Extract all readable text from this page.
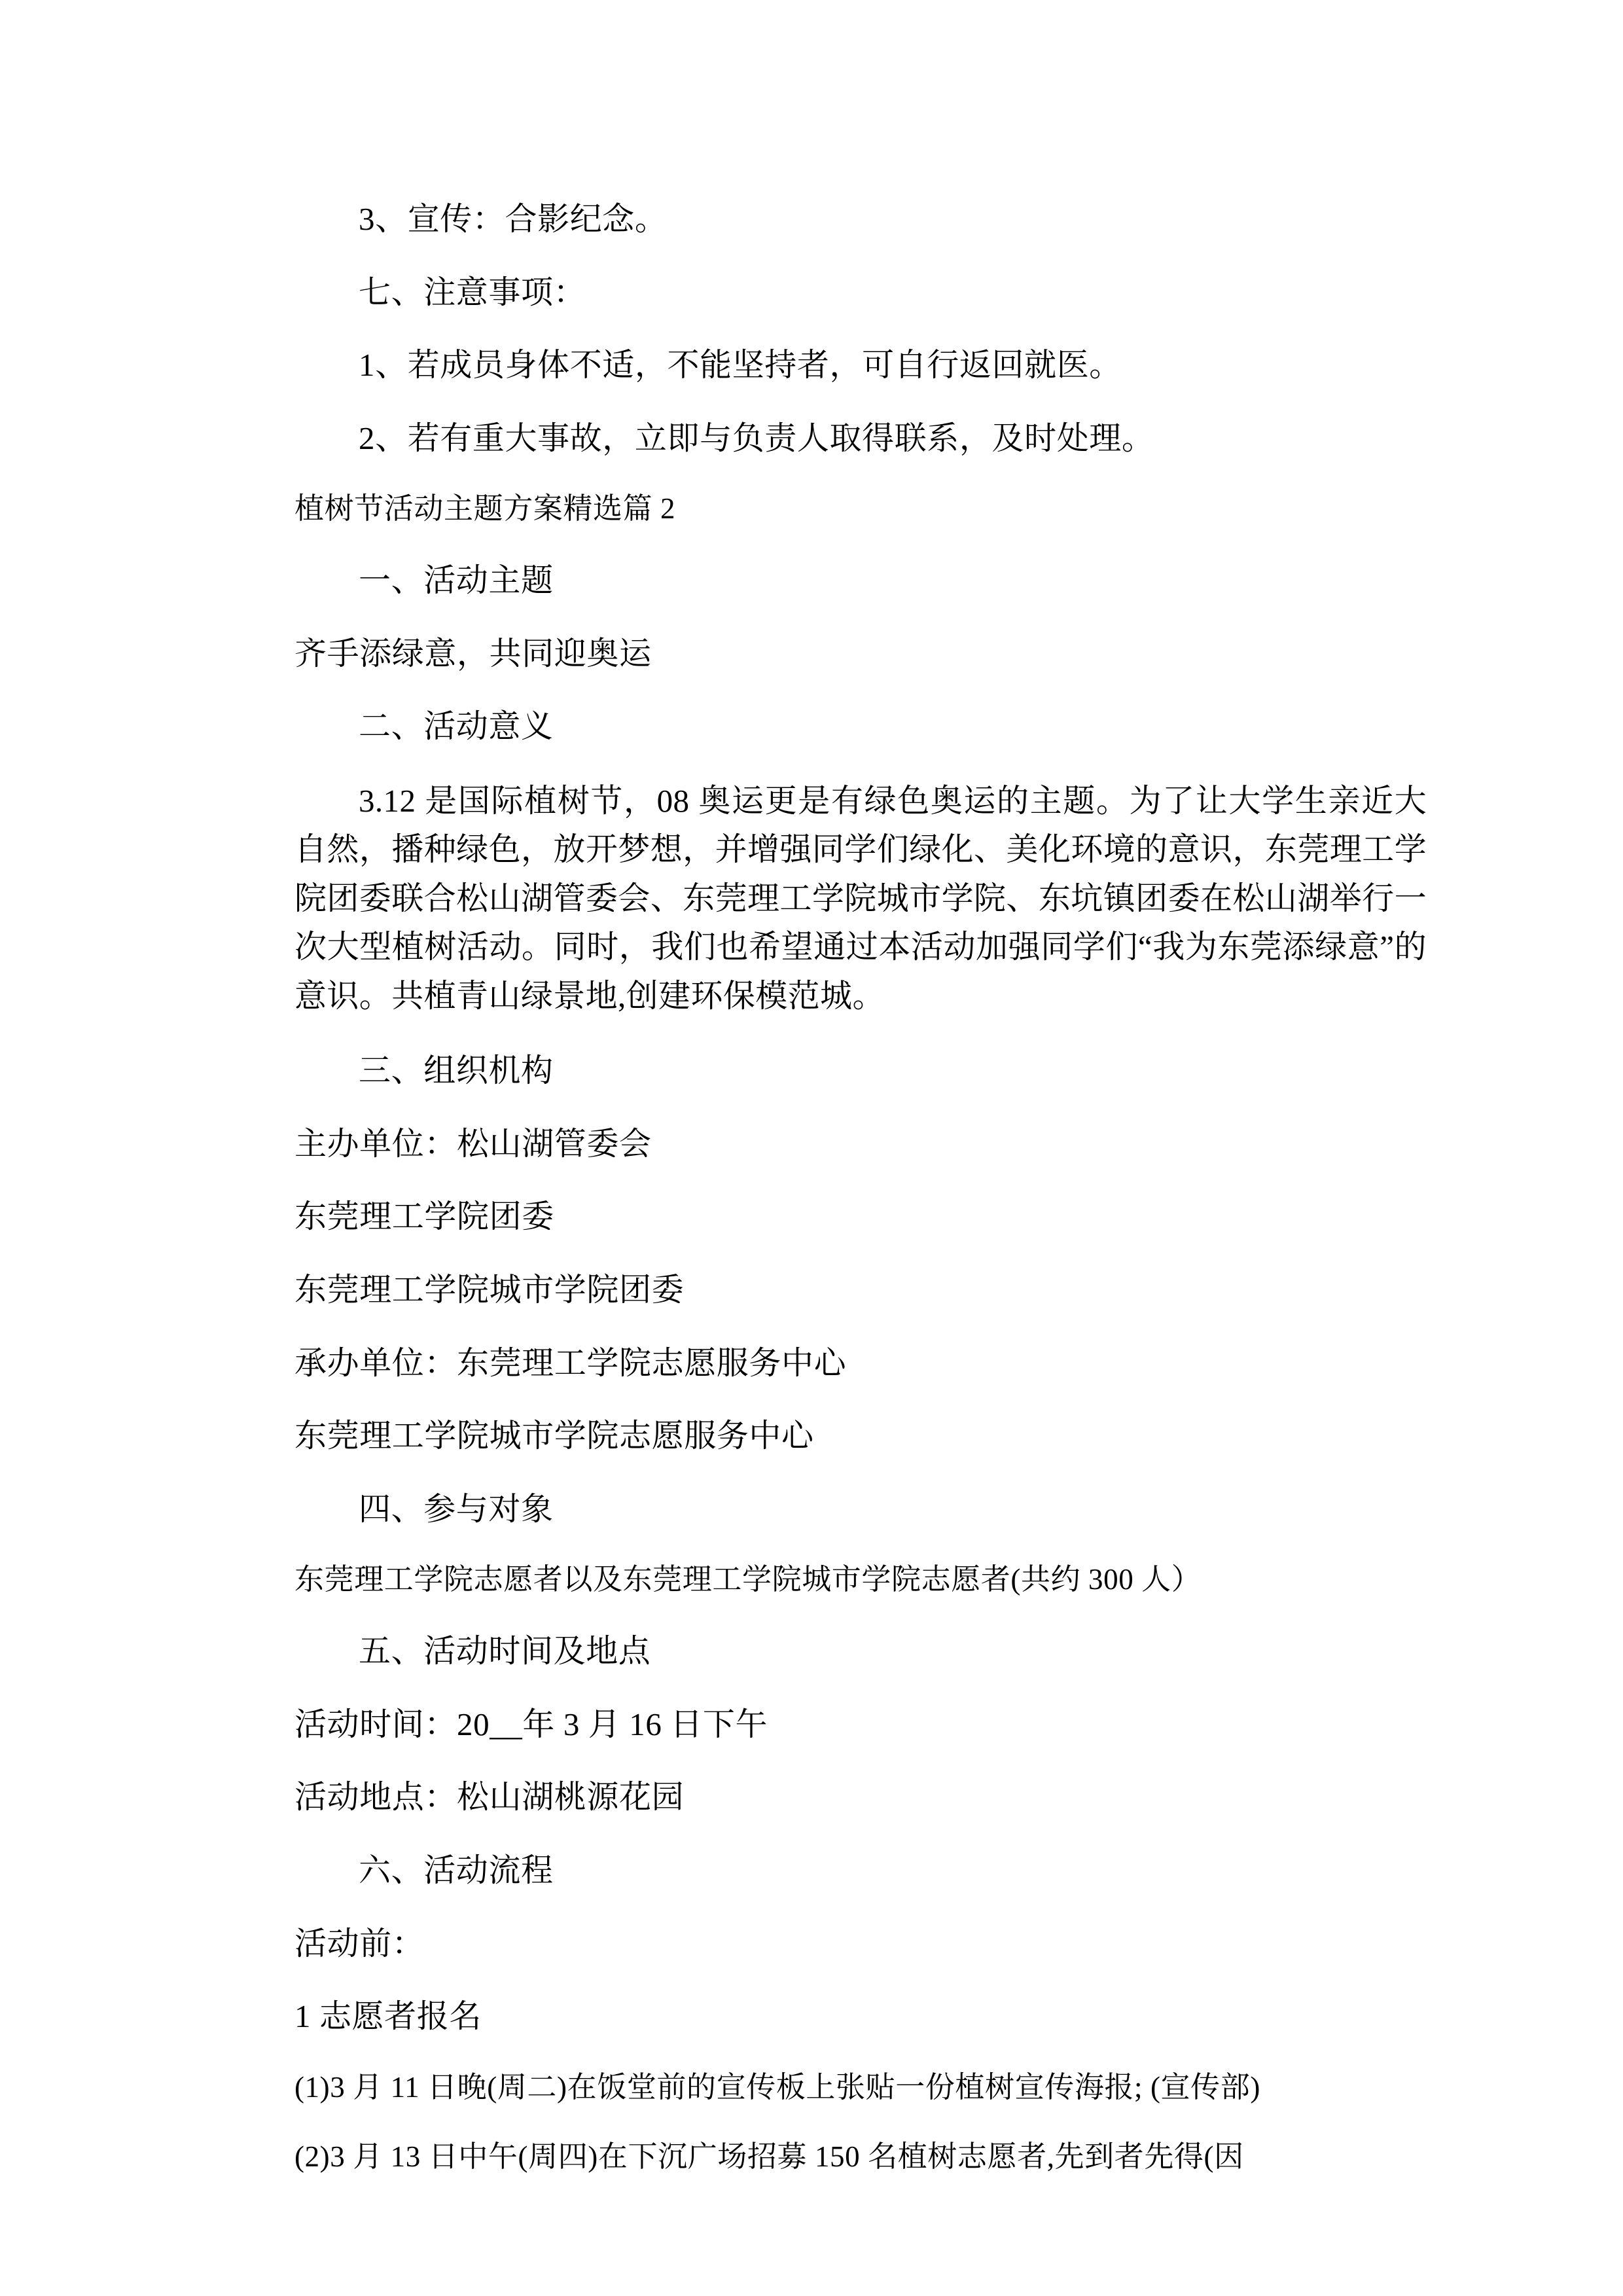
3、宣传：合影纪念。

七、注意事项：

1、若成员身体不适，不能坚持者，可自行返回就医。

2、若有重大事故，立即与负责人取得联系，及时处理。

植树节活动主题方案精选篇 2

一、活动主题

齐手添绿意，共同迎奥运

二、活动意义

3.12 是国际植树节，08 奥运更是有绿色奥运的主题。为了让大学生亲近大自然，播种绿色，放开梦想，并增强同学们绿化、美化环境的意识，东莞理工学院团委联合松山湖管委会、东莞理工学院城市学院、东坑镇团委在松山湖举行一次大型植树活动。同时，我们也希望通过本活动加强同学们“我为东莞添绿意”的意识。共植青山绿景地,创建环保模范城。

三、组织机构

主办单位：松山湖管委会

东莞理工学院团委

东莞理工学院城市学院团委

承办单位：东莞理工学院志愿服务中心

东莞理工学院城市学院志愿服务中心

四、参与对象

东莞理工学院志愿者以及东莞理工学院城市学院志愿者(共约 300 人）

五、活动时间及地点

活动时间：20__年 3 月 16 日下午

活动地点：松山湖桃源花园

六、活动流程

活动前：

1 志愿者报名

(1)3 月 11 日晚(周二)在饭堂前的宣传板上张贴一份植树宣传海报; (宣传部)

(2)3 月 13 日中午(周四)在下沉广场招募 150 名植树志愿者,先到者先得(因
